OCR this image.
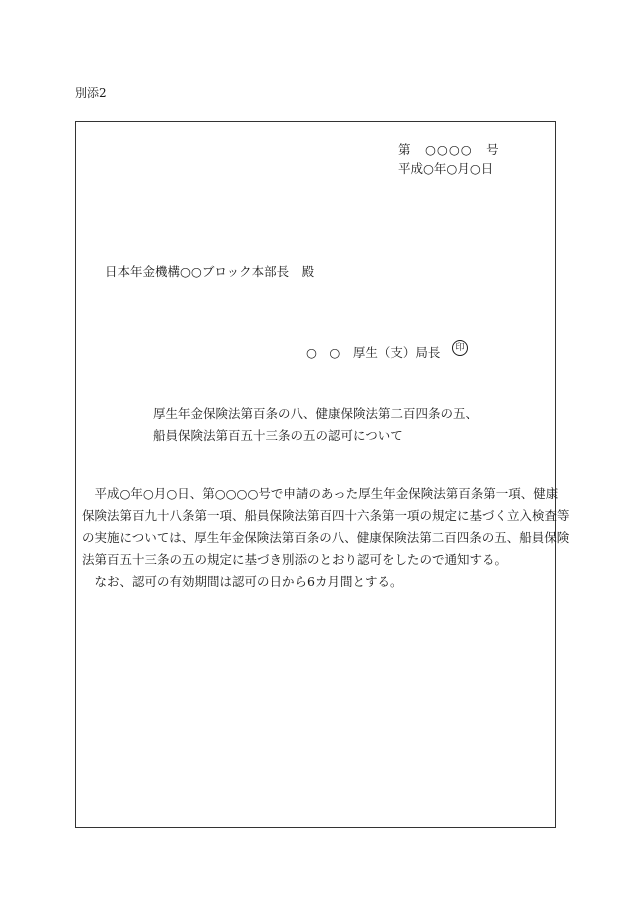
別添2
第　○○○○　号
平成○年○月○日
日本年金機構○○ブロック本部長　殿
○　○　厚生（支）局長	印
厚生年金保険法第百条の八、健康保険法第二百四条の五、
船員保険法第百五十三条の五の認可について
　平成○年○月○日、第○○○○号で申請のあった厚生年金保険法第百条第一項、健康
保険法第百九十八条第一項、船員保険法第百四十六条第一項の規定に基づく立入検査等
の実施については、厚生年金保険法第百条の八、健康保険法第二百四条の五、船員保険
法第百五十三条の五の規定に基づき別添のとおり認可をしたので通知する。
　なお、認可の有効期間は認可の日から6カ月間とする。
